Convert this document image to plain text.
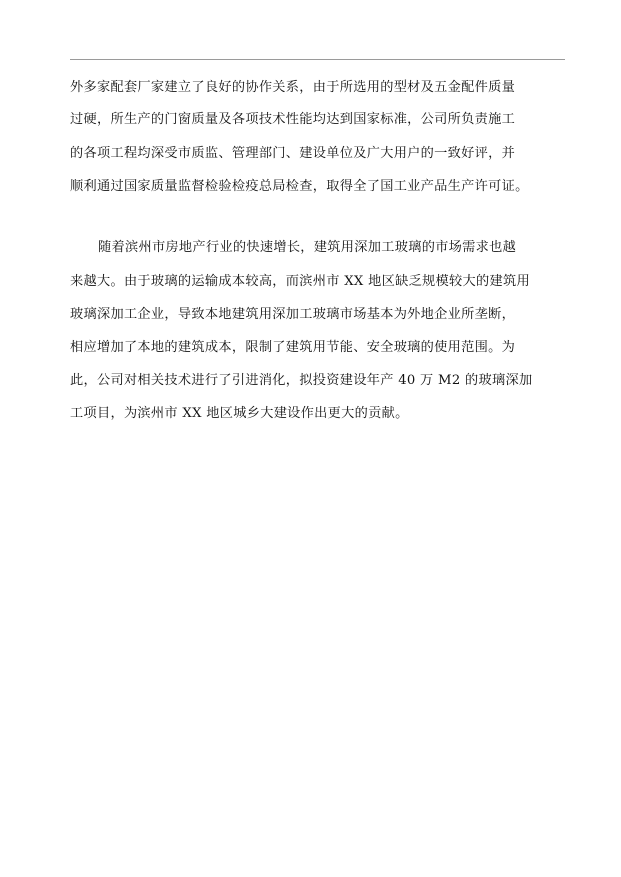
外多家配套厂家建立了良好的协作关系，由于所选用的型材及五金配件质量
过硬，所生产的门窗质量及各项技术性能均达到国家标准，公司所负责施工
的各项工程均深受市质监、管理部门、建设单位及广大用户的一致好评，并
顺利通过国家质量监督检验检疫总局检查，取得全了国工业产品生产许可证。
随着滨州市房地产行业的快速增长，建筑用深加工玻璃的市场需求也越
来越大。由于玻璃的运输成本较高，而滨州市 XX 地区缺乏规模较大的建筑用
玻璃深加工企业，导致本地建筑用深加工玻璃市场基本为外地企业所垄断，
相应增加了本地的建筑成本，限制了建筑用节能、安全玻璃的使用范围。为
此，公司对相关技术进行了引进消化，拟投资建设年产 40 万 M2 的玻璃深加
工项目，为滨州市 XX 地区城乡大建设作出更大的贡献。
